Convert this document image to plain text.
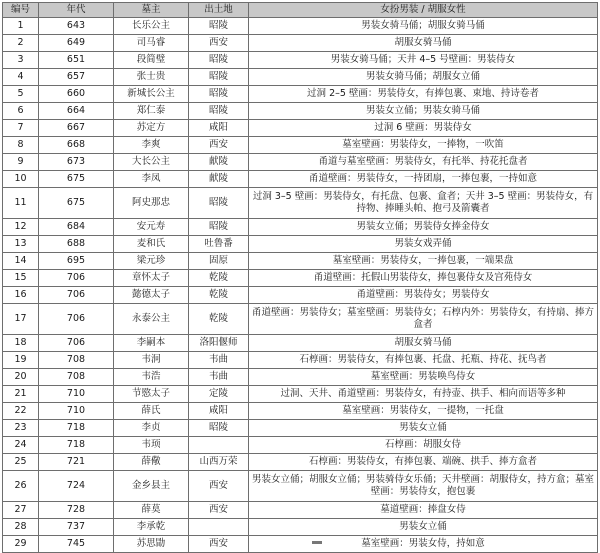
编号	年代	墓主	出土地	女扮男装 / 胡服女性
1	643	长乐公主	昭陵	男装女骑马俑；胡服女骑马俑
2	649	司马睿	西安	胡服女骑马俑
3	651	段简璧	昭陵	男装女骑马俑；天井 4–5 号壁画：男装侍女
4	657	张士贵	昭陵	男装女骑马俑；胡服女立俑
5	660	新城长公主	昭陵	过洞 2–5 壁画：男装侍女，有捧包裹、束地、持诗卷者
6	664	郑仁泰	昭陵	男装女立俑；男装女骑马俑
7	667	苏定方	咸阳	过洞 6 壁画：男装侍女
8	668	李爽	西安	墓室壁画：男装侍女，一捧物，一吹笛
9	673	大长公主	献陵	甬道与墓室壁画：男装侍女，有托举、持花托盘者
10	675	李凤	献陵	甬道壁画：男装侍女，一持团扇，一捧包裹，一持如意
11	675	阿史那忠	昭陵	过洞 3–5 壁画：男装侍女，有托盘、包裹、盒者；天井 3–5 壁画：男装侍女，有持物、捧睡头帕、抱弓及箭囊者
12	684	安元寿	昭陵	男装女立俑；男装侍女捧金侍女
13	688	麦和氏	吐鲁番	男装女戏弄俑
14	695	梁元珍	固原	墓室壁画：男装侍女，一捧包裹，一端果盘
15	706	章怀太子	乾陵	甬道壁画：托假山男装侍女，捧包裹侍女及宫苑侍女
16	706	懿德太子	乾陵	甬道壁画：男装侍女；男装侍女
17	706	永泰公主	乾陵	甬道壁画：男装侍女；墓室壁画：男装侍女；石椁内外：男装侍女，有持扇、捧方盒者
18	706	李嗣本	洛阳偃师	胡服女骑马俑
19	708	韦泂	韦曲	石椁画：男装侍女，有捧包裹、托盘、托瓶、持花、抚鸟者
20	708	韦浩	韦曲	墓室壁画：男装唤鸟侍女
21	710	节愍太子	定陵	过洞、天井、甬道壁画：男装侍女，有持壶、拱手、相向而语等多种
22	710	薛氏	咸阳	墓室壁画：男装侍女，一提物，一托盘
23	718	李贞	昭陵	男装女立俑
24	718	韦顼		石椁画：胡服女侍
25	721	薛儆	山西万荣	石椁画：男装侍女，有捧包裹、端碗、拱手、捧方盒者
26	724	金乡县主	西安	男装女立俑；胡服女立俑；男装骑侍女乐俑；天井壁画：胡服侍女，持方盒；墓室壁画：男装侍女，抱包裹
27	728	薛莫	西安	墓道壁画：捧盘女侍
28	737	李承乾		男装女立俑
29	745	苏思勖	西安	墓室壁画：男装女侍，持如意
